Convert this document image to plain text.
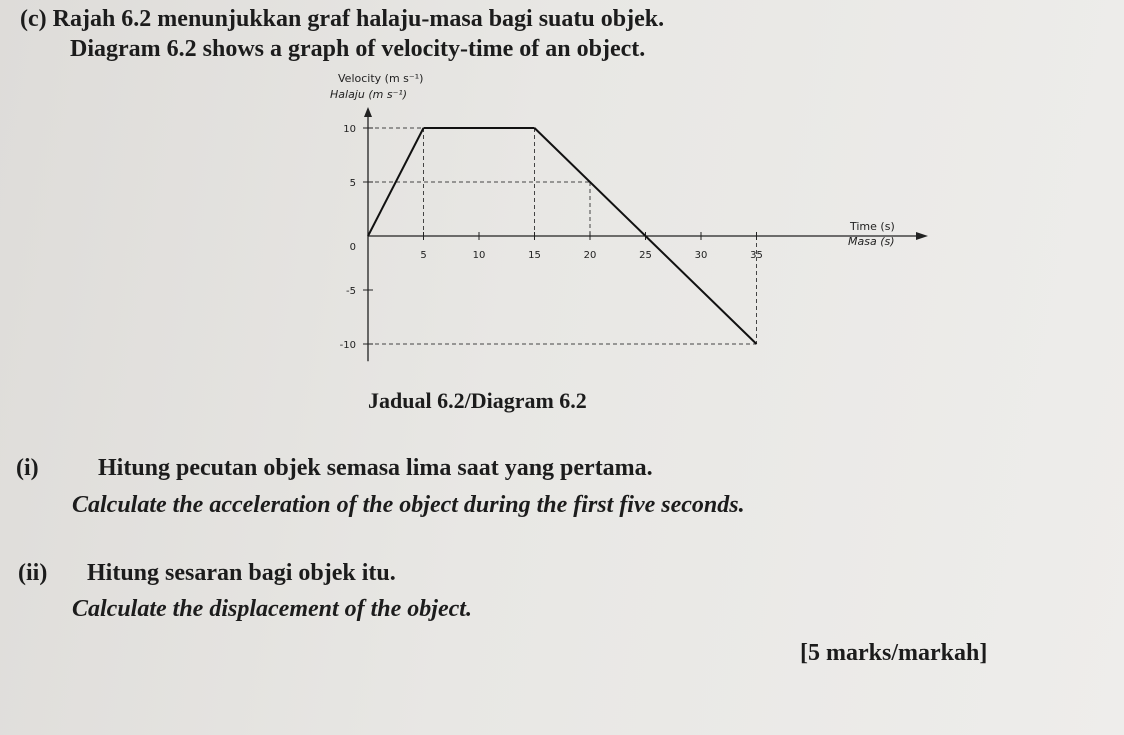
(c) Rajah 6.2 menunjukkan graf halaju-masa bagi suatu objek.
Diagram 6.2 shows a graph of velocity-time of an object.
5	10	15	20	25	30	35
10
5
0
-5
-10
Velocity (m s⁻¹)
Halaju (m s⁻¹)
Time (s)
Masa (s)
Jadual 6.2/Diagram 6.2
(i) Hitung pecutan objek semasa lima saat yang pertama.
Calculate the acceleration of the object during the first five seconds.
(ii) Hitung sesaran bagi objek itu.
Calculate the displacement of the object.
[5 marks/markah]
